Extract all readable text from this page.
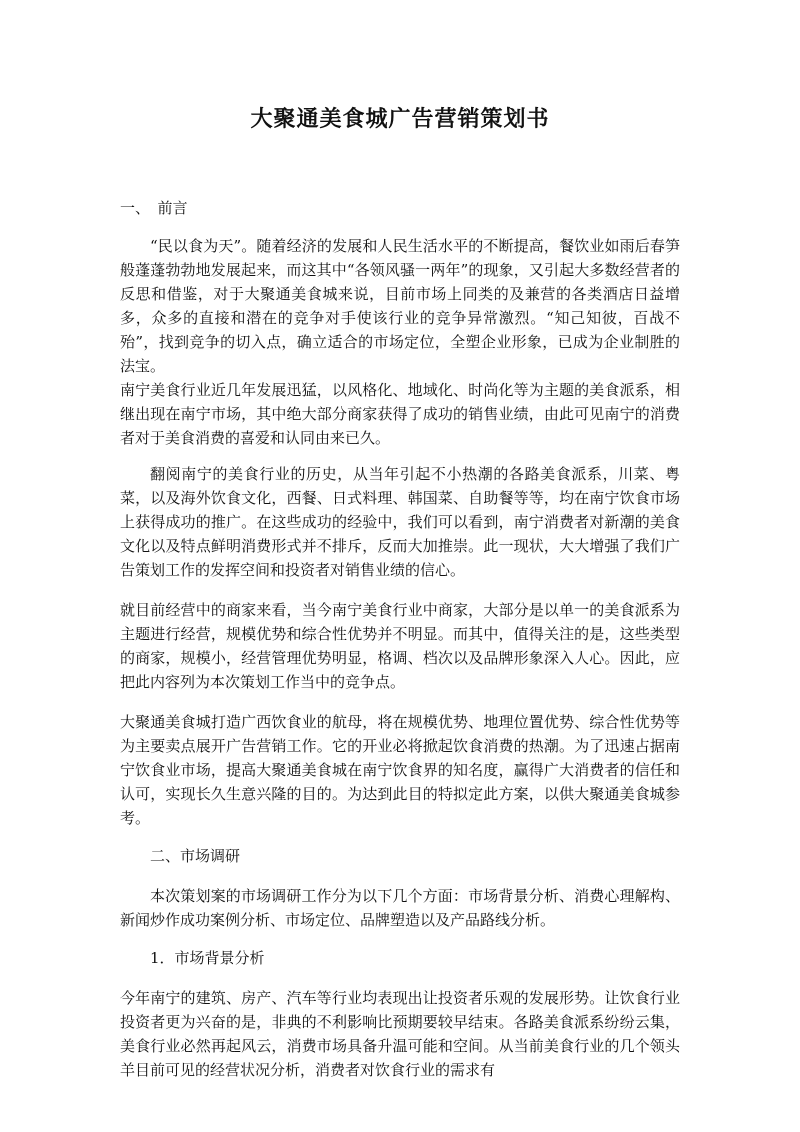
大聚通美食城广告营销策划书

一、　前言

“民以食为天”。随着经济的发展和人民生活水平的不断提高，餐饮业如雨后春笋般蓬蓬勃勃地发展起来，而这其中“各领风骚一两年”的现象，又引起大多数经营者的反思和借鉴，对于大聚通美食城来说，目前市场上同类的及兼营的各类酒店日益增多，众多的直接和潜在的竞争对手使该行业的竞争异常激烈。“知己知彼，百战不殆”，找到竞争的切入点，确立适合的市场定位，全塑企业形象，已成为企业制胜的法宝。

南宁美食行业近几年发展迅猛，以风格化、地域化、时尚化等为主题的美食派系，相继出现在南宁市场，其中绝大部分商家获得了成功的销售业绩，由此可见南宁的消费者对于美食消费的喜爱和认同由来已久。

翻阅南宁的美食行业的历史，从当年引起不小热潮的各路美食派系，川菜、粤菜，以及海外饮食文化，西餐、日式料理、韩国菜、自助餐等等，均在南宁饮食市场上获得成功的推广。在这些成功的经验中，我们可以看到，南宁消费者对新潮的美食文化以及特点鲜明消费形式并不排斥，反而大加推崇。此一现状，大大增强了我们广告策划工作的发挥空间和投资者对销售业绩的信心。

就目前经营中的商家来看，当今南宁美食行业中商家，大部分是以单一的美食派系为主题进行经营，规模优势和综合性优势并不明显。而其中，值得关注的是，这些类型的商家，规模小，经营管理优势明显，格调、档次以及品牌形象深入人心。因此，应把此内容列为本次策划工作当中的竞争点。

大聚通美食城打造广西饮食业的航母，将在规模优势、地理位置优势、综合性优势等为主要卖点展开广告营销工作。它的开业必将掀起饮食消费的热潮。为了迅速占据南宁饮食业市场，提高大聚通美食城在南宁饮食界的知名度，赢得广大消费者的信任和认可，实现长久生意兴隆的目的。为达到此目的特拟定此方案，以供大聚通美食城参考。

二、市场调研

本次策划案的市场调研工作分为以下几个方面：市场背景分析、消费心理解构、新闻炒作成功案例分析、市场定位、品牌塑造以及产品路线分析。

1．市场背景分析

今年南宁的建筑、房产、汽车等行业均表现出让投资者乐观的发展形势。让饮食行业投资者更为兴奋的是，非典的不利影响比预期要较早结束。各路美食派系纷纷云集，美食行业必然再起风云，消费市场具备升温可能和空间。从当前美食行业的几个领头羊目前可见的经营状况分析，消费者对饮食行业的需求有
